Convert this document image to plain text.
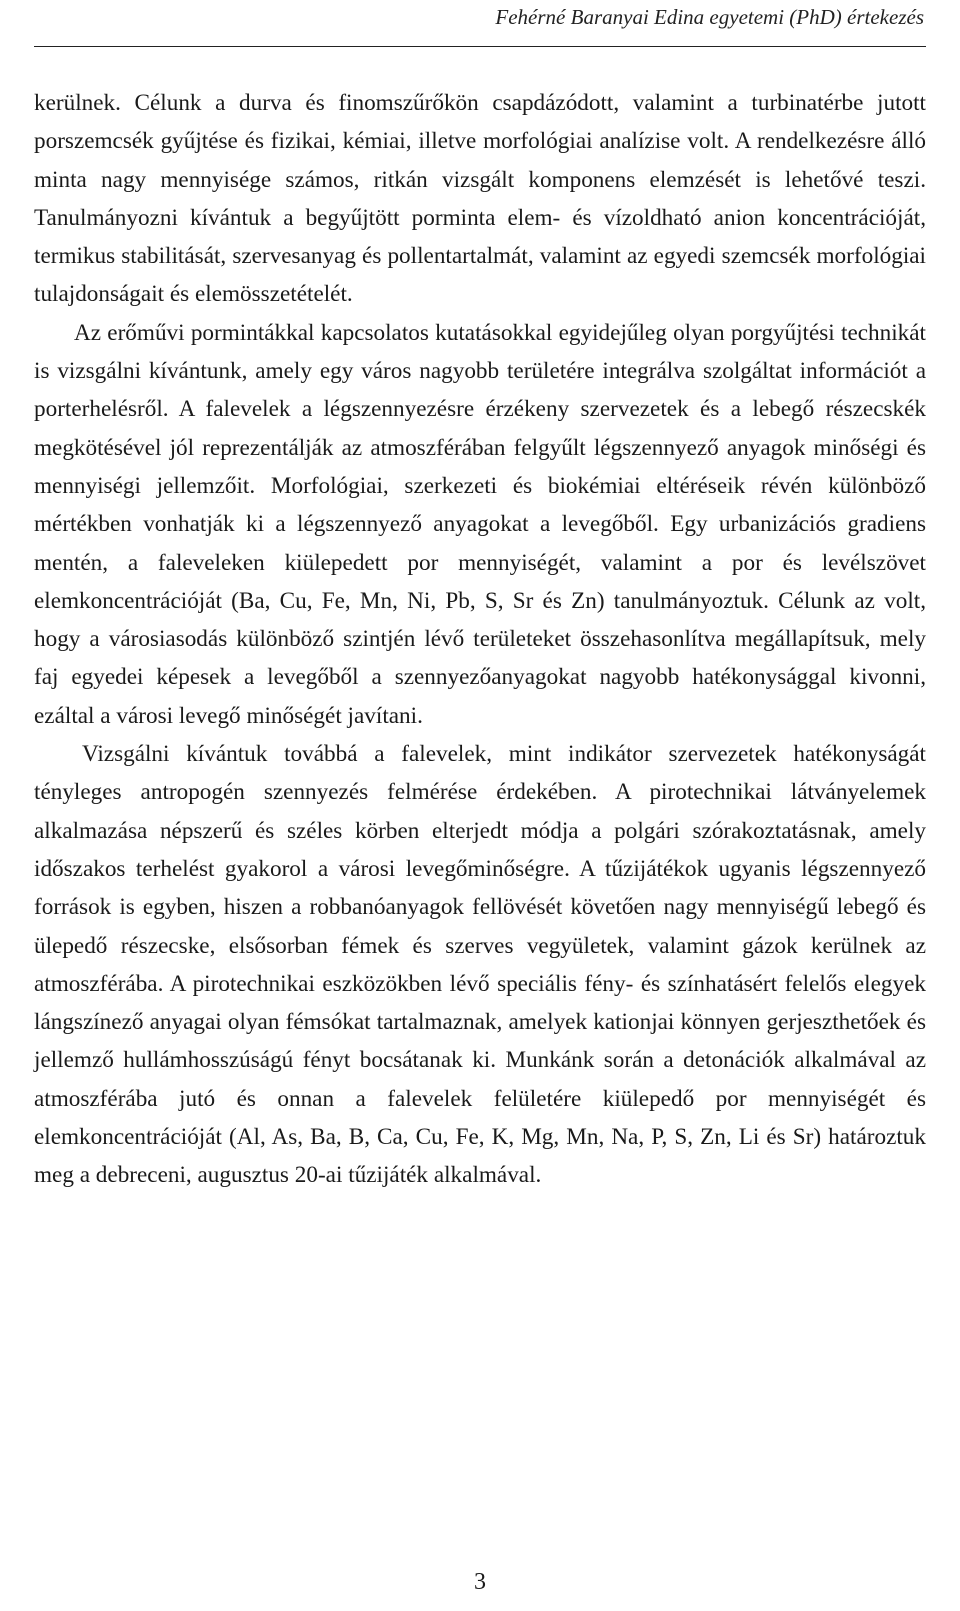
Fehérné Baranyai Edina egyetemi (PhD) értekezés

kerülnek. Célunk a durva és finomszűrőkön csapdázódott, valamint a turbinatérbe jutott porszemcsék gyűjtése és fizikai, kémiai, illetve morfológiai analízise volt. A rendelkezésre álló minta nagy mennyisége számos, ritkán vizsgált komponens elemzését is lehetővé teszi. Tanulmányozni kívántuk a begyűjtött porminta elem- és vízoldható anion koncentrációját, termikus stabilitását, szervesanyag és pollentartalmát, valamint az egyedi szemcsék morfológiai tulajdonságait és elemösszetételét.

Az erőművi pormintákkal kapcsolatos kutatásokkal egyidejűleg olyan porgyűjtési technikát is vizsgálni kívántunk, amely egy város nagyobb területére integrálva szolgáltat információt a porterhelésről. A falevelek a légszennyezésre érzékeny szervezetek és a lebegő részecskék megkötésével jól reprezentálják az atmoszférában felgyűlt légszennyező anyagok minőségi és mennyiségi jellemzőit. Morfológiai, szerkezeti és biokémiai eltéréseik révén különböző mértékben vonhatják ki a légszennyező anyagokat a levegőből. Egy urbanizációs gradiens mentén, a faleveleken kiülepedett por mennyiségét, valamint a por és levélszövet elemkoncentrációját (Ba, Cu, Fe, Mn, Ni, Pb, S, Sr és Zn) tanulmányoztuk. Célunk az volt, hogy a városiasodás különböző szintjén lévő területeket összehasonlítva megállapítsuk, mely faj egyedei képesek a levegőből a szennyezőanyagokat nagyobb hatékonysággal kivonni, ezáltal a városi levegő minőségét javítani.

Vizsgálni kívántuk továbbá a falevelek, mint indikátor szervezetek hatékonyságát tényleges antropogén szennyezés felmérése érdekében. A pirotechnikai látványelemek alkalmazása népszerű és széles körben elterjedt módja a polgári szórakoztatásnak, amely időszakos terhelést gyakorol a városi levegőminőségre. A tűzijátékok ugyanis légszennyező források is egyben, hiszen a robbanóanyagok fellövését követően nagy mennyiségű lebegő és ülepedő részecske, elsősorban fémek és szerves vegyületek, valamint gázok kerülnek az atmoszférába. A pirotechnikai eszközökben lévő speciális fény- és színhatásért felelős elegyek lángszínező anyagai olyan fémsókat tartalmaznak, amelyek kationjai könnyen gerjeszthetőek és jellemző hullámhosszúságú fényt bocsátanak ki. Munkánk során a detonációk alkalmával az atmoszférába jutó és onnan a falevelek felületére kiülepedő por mennyiségét és elemkoncentrációját (Al, As, Ba, B, Ca, Cu, Fe, K, Mg, Mn, Na, P, S, Zn, Li és Sr) határoztuk meg a debreceni, augusztus 20-ai tűzijáték alkalmával.

3
